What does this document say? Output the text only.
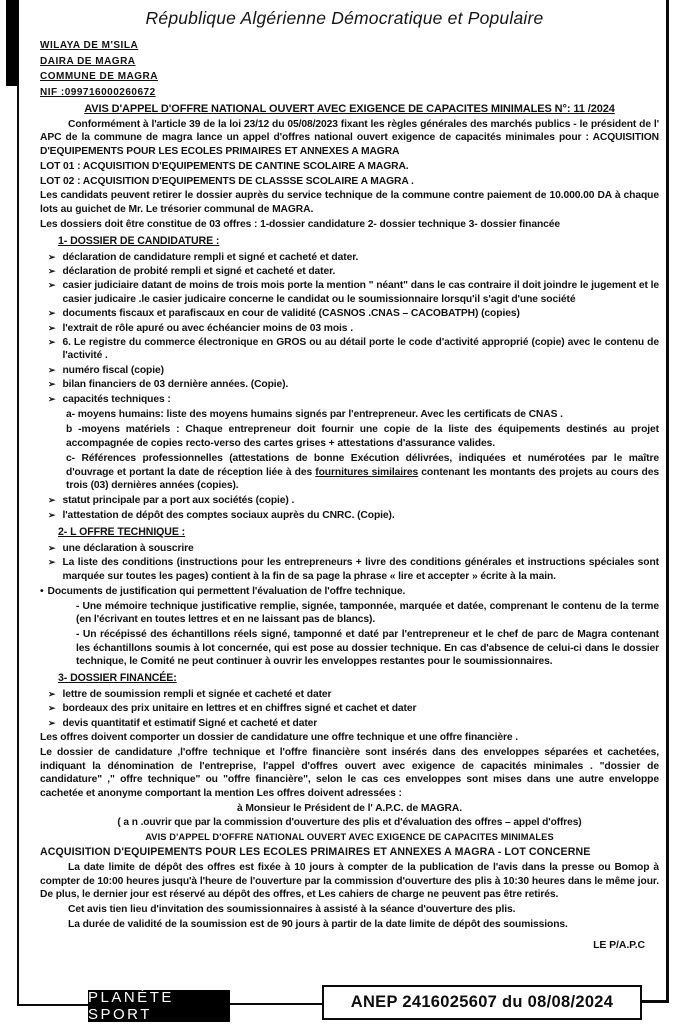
République Algérienne Démocratique et Populaire
WILAYA DE M'SILA
DAIRA DE MAGRA
COMMUNE DE MAGRA
NIF :099716000260672
AVIS D'APPEL D'OFFRE NATIONAL OUVERT AVEC EXIGENCE DE CAPACITES MINIMALES N°: 11 /2024

Conformément à l'article 39 de la loi 23/12 du 05/08/2023 fixant les règles générales des marchés publics - le président de l' APC de la commune de magra lance un appel d'offres national ouvert exigence de capacités minimales pour : ACQUISITION D'EQUIPEMENTS POUR LES ECOLES PRIMAIRES ET ANNEXES A MAGRA

LOT 01 : ACQUISITION D'EQUIPEMENTS DE CANTINE SCOLAIRE A MAGRA.

LOT 02 : ACQUISITION D'EQUIPEMENTS DE CLASSSE SCOLAIRE A MAGRA .

Les candidats peuvent retirer le dossier auprès du service technique de la commune contre paiement de 10.000.00 DA à chaque lots au guichet de Mr. Le trésorier communal de MAGRA.

Les dossiers doit être constitue de 03 offres : 1-dossier candidature 2- dossier technique 3- dossier financée

1- DOSSIER DE CANDIDATURE :
➢ déclaration de candidature rempli et signé et cacheté et dater.
➢ déclaration de probité rempli et signé et cacheté et dater.
➢ casier judiciaire datant de moins de trois mois porte la mention " néant" dans le cas contraire il doit joindre le jugement et le casier judicaire .le casier judicaire concerne le candidat ou le soumissionnaire lorsqu'il s'agit d'une société
➢ documents fiscaux et parafiscaux en cour de validité (CASNOS .CNAS – CACOBATPH) (copies)
➢ l'extrait de rôle apuré ou avec échéancier moins de 03 mois .
➢ 6. Le registre du commerce électronique en GROS ou au détail porte le code d'activité approprié (copie) avec le contenu de l'activité .
➢ numéro fiscal (copie)
➢ bilan financiers de 03 dernière années. (Copie).
➢ capacités techniques :

a- moyens humains: liste des moyens humains signés par l'entrepreneur. Avec les certificats de CNAS .

b -moyens matériels : Chaque entrepreneur doit fournir une copie de la liste des équipements destinés au projet accompagnée de copies recto-verso des cartes grises + attestations d'assurance valides.

c- Références professionnelles (attestations de bonne Exécution délivrées, indiquées et numérotées par le maître d'ouvrage et portant la date de réception liée à des fournitures similaires contenant les montants des projets au cours des trois (03) dernières années (copies).

➢ statut principale par a port aux sociétés (copie) .
➢ l'attestation de dépôt des comptes sociaux auprès du CNRC. (Copie).
2- L OFFRE TECHNIQUE :
➢ une déclaration à souscrire
➢ La liste des conditions (instructions pour les entrepreneurs + livre des conditions générales et instructions spéciales sont marquée sur toutes les pages) contient à la fin de sa page la phrase « lire et accepter » écrite à la main.

• Documents de justification qui permettent l'évaluation de l'offre technique.

- Une mémoire technique justificative remplie, signée, tamponnée, marquée et datée, comprenant le contenu de la terme (en l'écrivant en toutes lettres et en ne laissant pas de blancs).

- Un récépissé des échantillons réels signé, tamponné et daté par l'entrepreneur et le chef de parc de Magra contenant les échantillons soumis à lot concernée, qui est pose au dossier technique. En cas d'absence de celui-ci dans le dossier technique, le Comité ne peut continuer à ouvrir les enveloppes restantes pour le soumissionnaires.

3- DOSSIER FINANCÉE:
➢ lettre de soumission rempli et signée et cacheté et dater
➢ bordeaux des prix unitaire en lettres et en chiffres signé et cachet et dater
➢ devis quantitatif et estimatif Signé et cacheté et dater

Les offres doivent comporter un dossier de candidature une offre technique et une offre financière .

Le dossier de candidature ,l'offre technique et l'offre financière sont insérés dans des enveloppes séparées et cachetées, indiquant la dénomination de l'entreprise, l'appel d'offres ouvert avec exigence de capacités minimales . "dossier de candidature" ," offre technique" ou "offre financière", selon le cas ces enveloppes sont mises dans une autre enveloppe cachetée et anonyme comportant la mention Les offres doivent adressées :

à Monsieur le Président de l' A.P.C. de MAGRA.

( a n .ouvrir que par la commission d'ouverture des plis et d'évaluation des offres – appel d'offres)

AVIS D'APPEL D'OFFRE NATIONAL OUVERT AVEC EXIGENCE DE CAPACITES MINIMALES

ACQUISITION D'EQUIPEMENTS POUR LES ECOLES PRIMAIRES ET ANNEXES A MAGRA - LOT CONCERNE

La date limite de dépôt des offres est fixée à 10 jours à compter de la publication de l'avis dans la presse ou Bomop à compter de 10:00 heures jusqu'à l'heure de l'ouverture par la commission d'ouverture des plis à 10:30 heures dans le même jour. De plus, le dernier jour est réservé au dépôt des offres, et Les cahiers de charge ne peuvent pas être retirés.

Cet avis tien lieu d'invitation des soumissionnaires à assisté à la séance d'ouverture des plis.

La durée de validité de la soumission est de 90 jours à partir de la date limite de dépôt des soumissions.

LE P/A.P.C

PLANÈTE SPORT
ANEP 2416025607 du 08/08/2024
